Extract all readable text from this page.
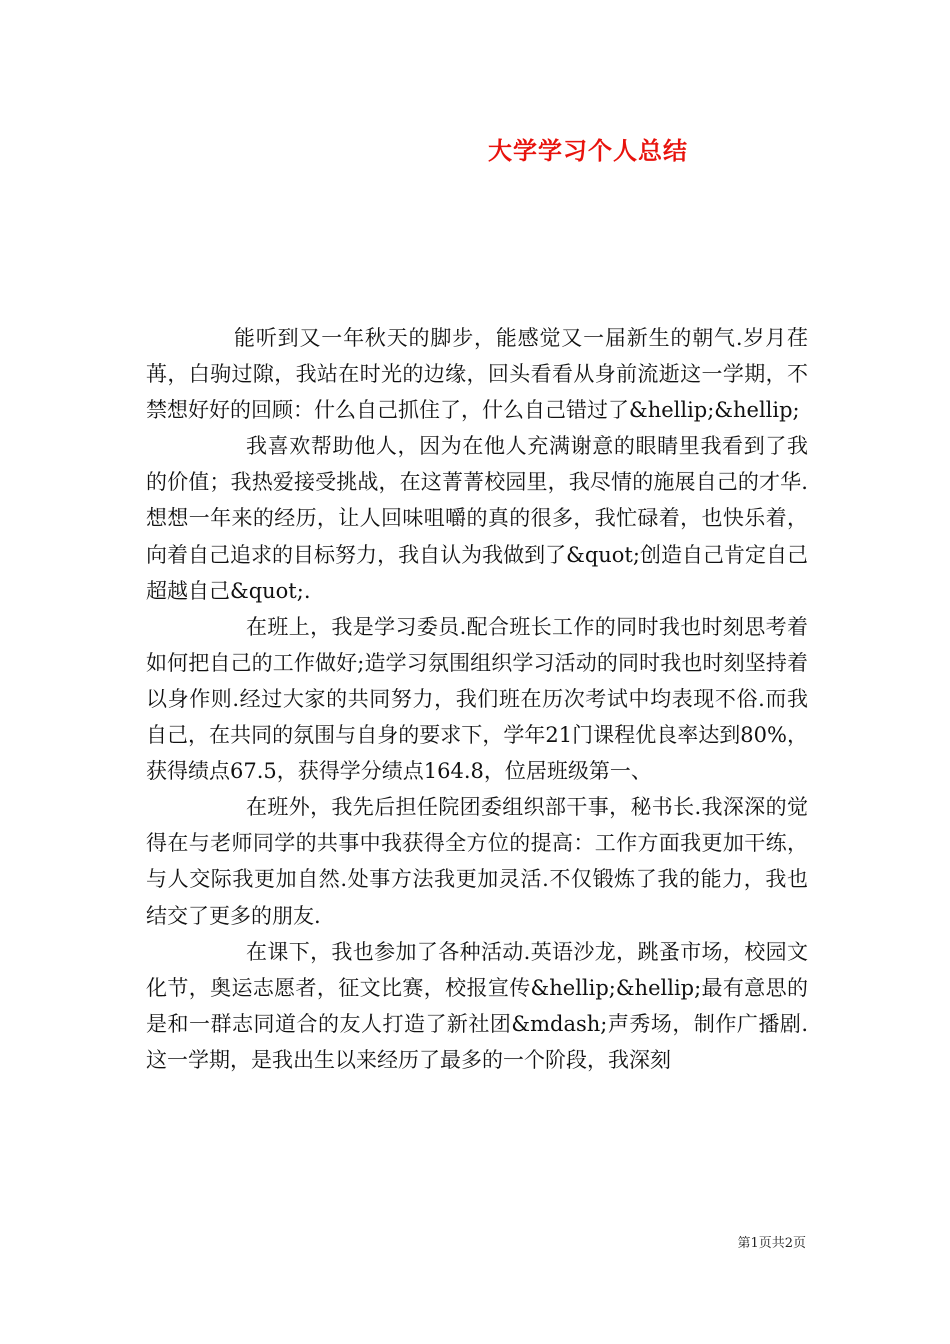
大学学习个人总结

能听到又一年秋天的脚步，能感觉又一届新生的朝气.岁月荏苒，白驹过隙，我站在时光的边缘，回头看看从身前流逝这一学期，不禁想好好的回顾：什么自己抓住了，什么自己错过了&hellip;&hellip;

我喜欢帮助他人，因为在他人充满谢意的眼睛里我看到了我的价值；我热爱接受挑战，在这菁菁校园里，我尽情的施展自己的才华.想想一年来的经历，让人回味咀嚼的真的很多，我忙碌着，也快乐着，向着自己追求的目标努力，我自认为我做到了&quot;创造自己肯定自己超越自己&quot;.

在班上，我是学习委员.配合班长工作的同时我也时刻思考着如何把自己的工作做好;造学习氛围组织学习活动的同时我也时刻坚持着以身作则.经过大家的共同努力，我们班在历次考试中均表现不俗.而我自己，在共同的氛围与自身的要求下，学年21门课程优良率达到80%，获得绩点67.5，获得学分绩点164.8，位居班级第一、

在班外，我先后担任院团委组织部干事，秘书长.我深深的觉得在与老师同学的共事中我获得全方位的提高：工作方面我更加干练，与人交际我更加自然.处事方法我更加灵活.不仅锻炼了我的能力，我也结交了更多的朋友.

在课下，我也参加了各种活动.英语沙龙，跳蚤市场，校园文化节，奥运志愿者，征文比赛，校报宣传&hellip;&hellip;最有意思的是和一群志同道合的友人打造了新社团&mdash;声秀场，制作广播剧.这一学期，是我出生以来经历了最多的一个阶段，我深刻

第1页共2页
